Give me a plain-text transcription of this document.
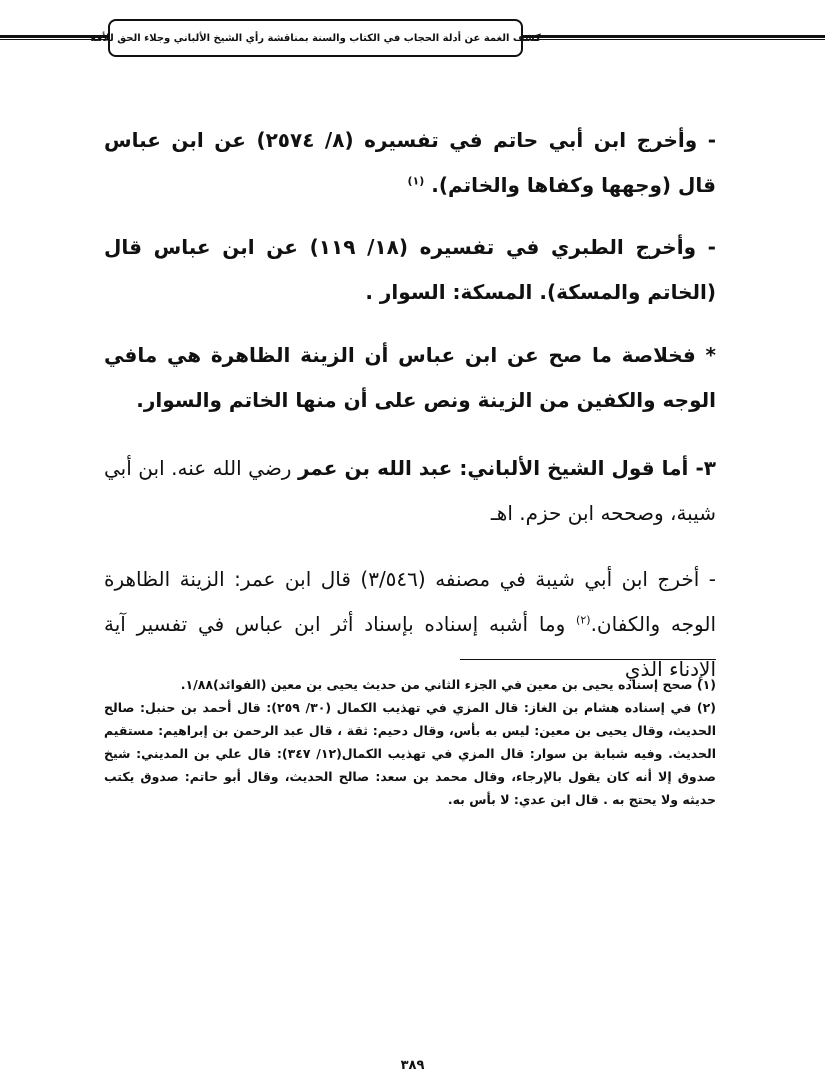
كشف الغمة عن أدلة الحجاب في الكتاب والسنة بمناقشة رأي الشيخ الألباني وجلاء الحق للأمة

- وأخرج ابن أبي حاتم في تفسيره (٨/ ٢٥٧٤) عن ابن عباس قال (وجهها وكفاها والخاتم). $^{(١)}$

- وأخرج الطبري في تفسيره (١٨/ ١١٩) عن ابن عباس قال (الخاتم والمسكة). المسكة: السوار .

* فخلاصة ما صح عن ابن عباس أن الزينة الظاهرة هي مافي الوجه والكفين من الزينة ونص على أن منها الخاتم والسوار.

٣- أما قول الشيخ الألباني: عبد الله بن عمر رضي الله عنه. ابن أبي شيبة، وصححه ابن حزم. اهـ

- أخرج ابن أبي شيبة في مصنفه (٣/٥٤٦) قال ابن عمر: الزينة الظاهرة الوجه والكفان.$^{(٢)}$ وما أشبه إسناده بإسناد أثر ابن عباس في تفسير آية الإدناء الذي

(١) صحح إسناده يحيى بن معين في الجزء الثاني من حديث يحيى بن معين (الفوائد)١/٨٨.

(٢) في إسناده هشام بن الغاز: قال المزي في تهذيب الكمال (٣٠/ ٢٥٩): قال أحمد بن حنبل: صالح الحديث، وقال يحيى بن معين: ليس به بأس، وقال دحيم: ثقة ، قال عبد الرحمن بن إبراهيم: مستقيم الحديث. وفيه شبابة بن سوار: قال المزي في تهذيب الكمال(١٢/ ٣٤٧): قال علي بن المديني: شيخ صدوق إلا أنه كان يقول بالإرجاء، وقال محمد بن سعد: صالح الحديث، وقال أبو حاتم: صدوق يكتب حديثه ولا يحتج به . قال ابن عدي: لا بأس به.

٣٨٩
